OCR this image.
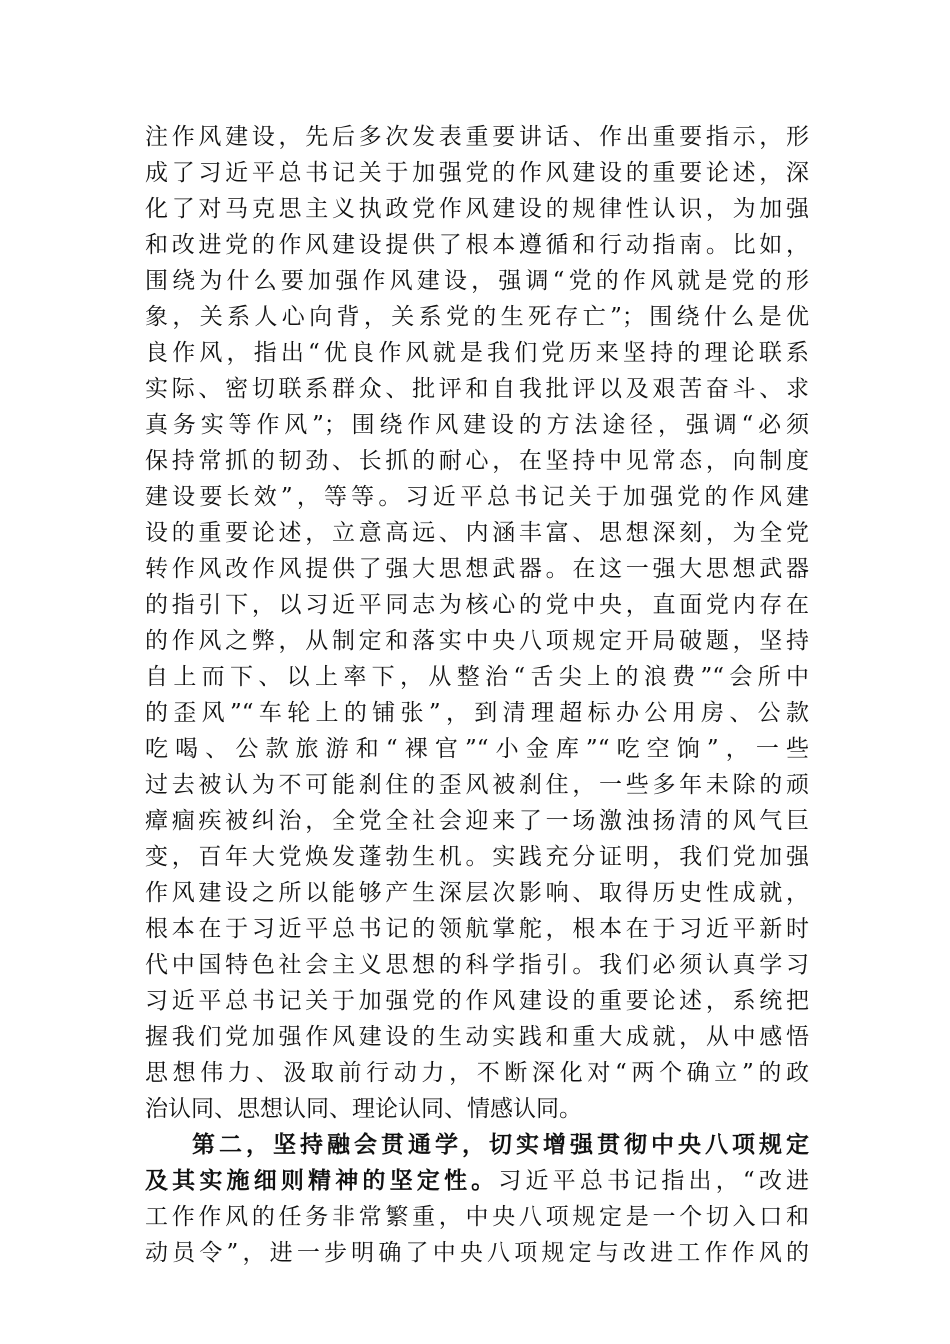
注作风建设，先后多次发表重要讲话、作出重要指示，形
成了习近平总书记关于加强党的作风建设的重要论述，深
化了对马克思主义执政党作风建设的规律性认识，为加强
和改进党的作风建设提供了根本遵循和行动指南。比如，
围绕为什么要加强作风建设，强调“党的作风就是党的形
象，关系人心向背，关系党的生死存亡”；围绕什么是优
良作风，指出“优良作风就是我们党历来坚持的理论联系
实际、密切联系群众、批评和自我批评以及艰苦奋斗、求
真务实等作风”；围绕作风建设的方法途径，强调“必须
保持常抓的韧劲、长抓的耐心，在坚持中见常态，向制度
建设要长效”，等等。习近平总书记关于加强党的作风建
设的重要论述，立意高远、内涵丰富、思想深刻，为全党
转作风改作风提供了强大思想武器。在这一强大思想武器
的指引下，以习近平同志为核心的党中央，直面党内存在
的作风之弊，从制定和落实中央八项规定开局破题，坚持
自上而下、以上率下，从整治“舌尖上的浪费”“会所中
的歪风”“车轮上的铺张”，到清理超标办公用房、公款
吃喝、公款旅游和“裸官”“小金库”“吃空饷”，一些
过去被认为不可能刹住的歪风被刹住，一些多年未除的顽
瘴痼疾被纠治，全党全社会迎来了一场激浊扬清的风气巨
变，百年大党焕发蓬勃生机。实践充分证明，我们党加强
作风建设之所以能够产生深层次影响、取得历史性成就，
根本在于习近平总书记的领航掌舵，根本在于习近平新时
代中国特色社会主义思想的科学指引。我们必须认真学习
习近平总书记关于加强党的作风建设的重要论述，系统把
握我们党加强作风建设的生动实践和重大成就，从中感悟
思想伟力、汲取前行动力，不断深化对“两个确立”的政
治认同、思想认同、理论认同、情感认同。
第二，坚持融会贯通学，切实增强贯彻中央八项规定
及其实施细则精神的坚定性。习近平总书记指出，“改进
工作作风的任务非常繁重，中央八项规定是一个切入口和
动员令”，进一步明确了中央八项规定与改进工作作风的
